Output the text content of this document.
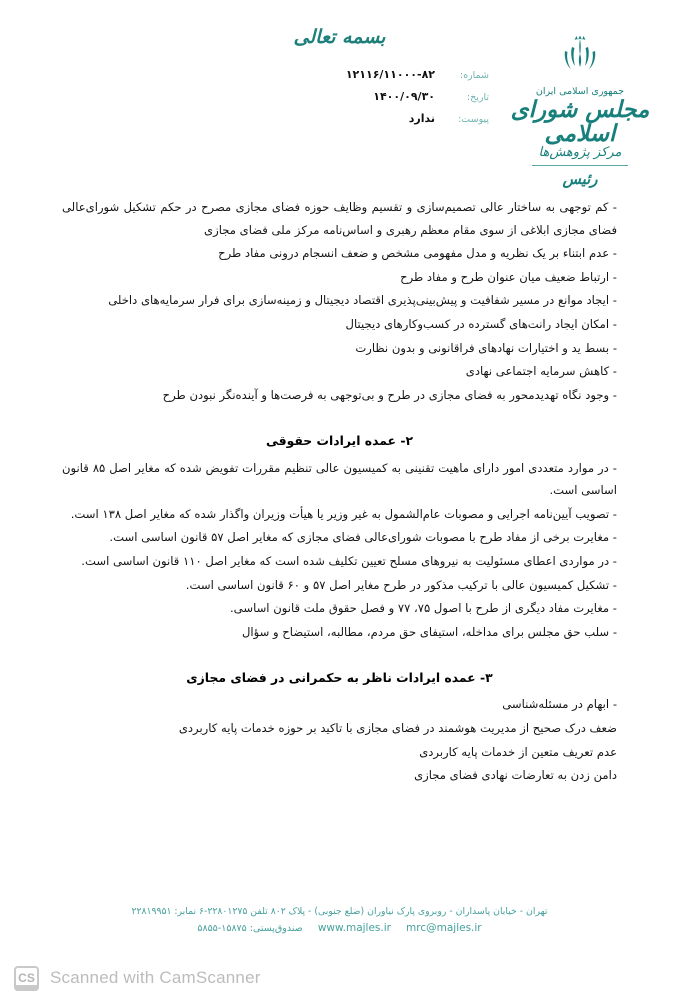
بسمه تعالی
جمهوری اسلامی ایران
مجلس شورای اسلامی
مرکز پژوهش‌ها
رئیس
شماره:
۱۲۱۱۶/۱۱۰۰۰-۸۲
تاریخ:
۱۴۰۰/۰۹/۳۰
پیوست:
ندارد

- کم توجهی به ساختار عالی تصمیم‌سازی و تقسیم وظایف حوزه فضای مجازی مصرح در حکم تشکیل شورای‌عالی فضای مجازی ابلاغی از سوی مقام معظم رهبری و اساس‌نامه مرکز ملی فضای مجازی

- عدم ابتناء بر یک نظریه و مدل مفهومی مشخص و ضعف انسجام درونی مفاد طرح

- ارتباط ضعیف میان عنوان طرح و مفاد طرح

- ایجاد موانع در مسیر شفافیت و پیش‌بینی‌پذیری اقتصاد دیجیتال و زمینه‌سازی برای فرار سرمایه‌های داخلی

- امکان ایجاد رانت‌های گسترده در کسب‌وکارهای دیجیتال

- بسط ید و اختیارات نهادهای فراقانونی و بدون نظارت

- کاهش سرمایه اجتماعی نهادی

- وجود نگاه تهدیدمحور به فضای مجازی در طرح و بی‌توجهی به فرصت‌ها و آینده‌نگر نبودن طرح

۲- عمده ایرادات حقوقی

- در موارد متعددی امور دارای ماهیت تقنینی به کمیسیون عالی تنظیم مقررات تفویض شده که مغایر اصل ۸۵ قانون اساسی است.

- تصویب آیین‌نامه اجرایی و مصوبات عام‌الشمول به غیر وزیر یا هیأت وزیران واگذار شده که مغایر اصل ۱۳۸ است.

- مغایرت برخی از مفاد طرح با مصوبات شورای‌عالی فضای مجازی که مغایر اصل ۵۷ قانون اساسی است.

- در مواردی اعطای مسئولیت به نیروهای مسلح تعیین تکلیف شده است که مغایر اصل ۱۱۰ قانون اساسی است.

- تشکیل کمیسیون عالی با ترکیب مذکور در طرح مغایر اصل ۵۷ و ۶۰ قانون اساسی است.

- مغایرت مفاد دیگری از طرح با اصول ۷۵، ۷۷ و فصل حقوق ملت قانون اساسی.

- سلب حق مجلس برای مداخله، استیفای حق مردم، مطالبه، استیضاح و سؤال

۳- عمده ایرادات ناظر به حکمرانی در فضای مجازی

- ابهام در مسئله‌شناسی

ضعف درک صحیح از مدیریت هوشمند در فضای مجازی با تاکید بر حوزه خدمات پایه کاربردی

عدم تعریف متعین از خدمات پایه کاربردی

دامن زدن به تعارضات نهادی فضای مجازی

تهران - خیابان پاسداران - روبروی پارک نیاوران (ضلع جنوبی) - پلاک ۸۰۲ تلفن ۲۲۸۰۱۲۷۵-۶ نمابر: ۲۲۸۱۹۹۵۱
mrc@majles.ir  www.majles.ir  صندوق‌پستی: ۱۵۸۷۵-۵۸۵۵
CS Scanned with CamScanner
